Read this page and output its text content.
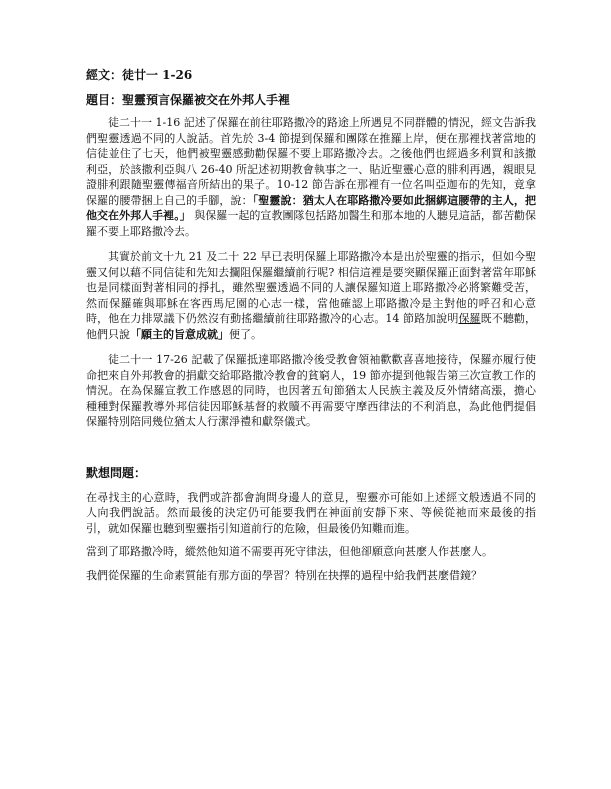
經文：徒廿一 1-26
題目：聖靈預言保羅被交在外邦人手裡

徒二十一 1-16 記述了保羅在前往耶路撒冷的路途上所遇見不同群體的情況，經文告訴我們聖靈透過不同的人說話。首先於 3-4 節提到保羅和團隊在推羅上岸，便在那裡找著當地的信徒並住了七天，他們被聖靈感動勸保羅不要上耶路撒冷去。之後他們也經過多利買和該撒利亞，於該撒利亞與八 26-40 所記述初期教會執事之一、貼近聖靈心意的腓利再遇，親眼見證腓利跟隨聖靈傳福音所結出的果子。10-12 節告訴在那裡有一位名叫亞迦布的先知，竟拿保羅的腰帶捆上自己的手腳，說：「聖靈說：猶太人在耶路撒冷要如此捆綁這腰帶的主人，把他交在外邦人手裡。」 與保羅一起的宣教團隊包括路加醫生和那本地的人聽見這話，都苦勸保羅不要上耶路撒冷去。

其實於前文十九 21 及二十 22 早已表明保羅上耶路撒冷本是出於聖靈的指示，但如今聖靈又何以藉不同信徒和先知去攔阻保羅繼續前行呢? 相信這裡是要突顯保羅正面對著當年耶穌也是同樣面對著相同的掙扎，雖然聖靈透過不同的人讓保羅知道上耶路撒冷必將繁難受苦，然而保羅確與耶穌在客西馬尼園的心志一樣，當他確認上耶路撒冷是主對他的呼召和心意時，他在力排眾議下仍然沒有動搖繼續前往耶路撒冷的心志。14 節路加說明保羅既不聽勸，他們只說「願主的旨意成就」便了。

徒二十一 17-26 記載了保羅抵達耶路撒冷後受教會領袖歡歡喜喜地接待，保羅亦履行使命把來自外邦教會的捐獻交給耶路撒冷教會的貧窮人，19 節亦提到他報告第三次宣教工作的情況。在為保羅宣教工作感恩的同時，也因著五旬節猶太人民族主義及反外情緒高漲，擔心種種對保羅教導外邦信徒因耶穌基督的救贖不再需要守摩西律法的不利消息，為此他們提倡保羅特別陪同幾位猶太人行潔淨禮和獻祭儀式。

默想問題：

在尋找主的心意時，我們或許都會詢問身邊人的意見，聖靈亦可能如上述經文般透過不同的人向我們說話。然而最後的決定仍可能要我們在神面前安靜下來、等候從祂而來最後的指引，就如保羅也聽到聖靈指引知道前行的危險，但最後仍知難而進。

當到了耶路撒冷時，縱然他知道不需要再死守律法，但他卻願意向甚麼人作甚麼人。

我們從保羅的生命素質能有那方面的學習？特別在抉擇的過程中給我們甚麼借鏡？
